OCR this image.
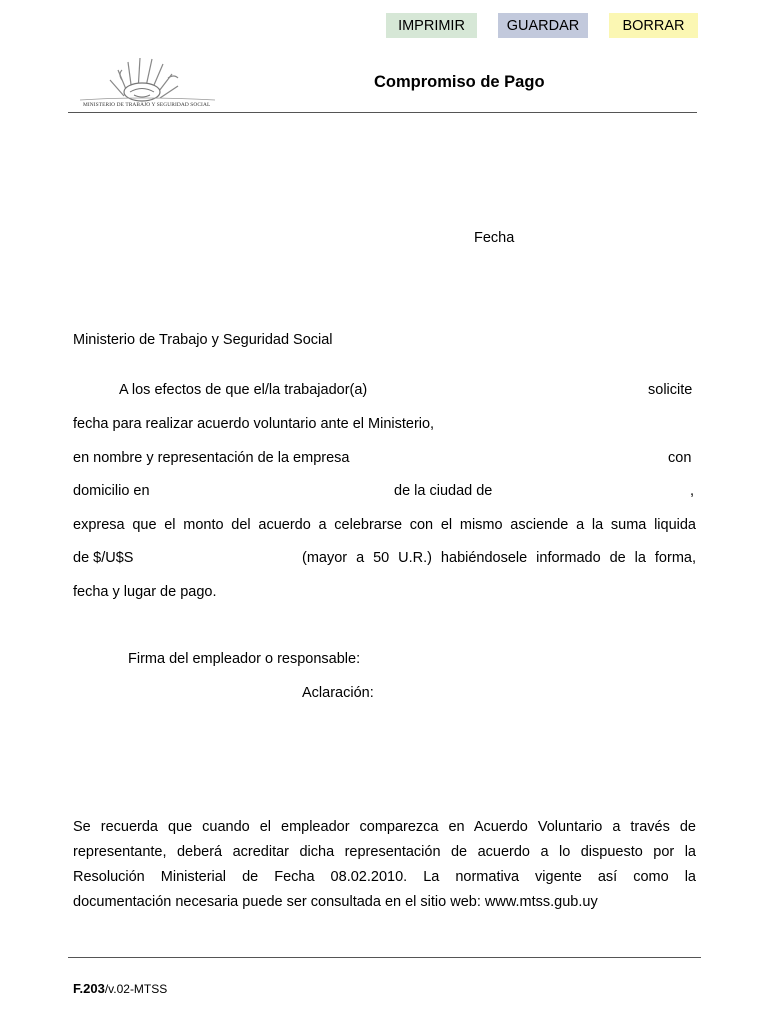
IMPRIMIR	GUARDAR	BORRAR
MINISTERIO DE TRABAJO Y SEGURIDAD SOCIAL
Compromiso de Pago
Fecha
Ministerio de Trabajo y Seguridad Social
A los efectos de que el/la trabajador(a)	solicite
fecha para realizar acuerdo voluntario ante el Ministerio,
en nombre y representación de la empresa	con
domicilio en	de la ciudad de	,
expresa que el monto del acuerdo a celebrarse con el mismo asciende a la suma liquida
de $/U$S	(mayor a 50 U.R.) habiéndosele informado de la forma,
fecha y lugar de pago.
Firma del empleador o responsable:
Aclaración:
Se recuerda que cuando el empleador comparezca en Acuerdo Voluntario a través de representante, deberá acreditar dicha representación de acuerdo a lo dispuesto por la Resolución Ministerial de Fecha 08.02.2010. La normativa vigente así como la
documentación necesaria puede ser consultada en el sitio web: www.mtss.gub.uy
F.203/v.02-MTSS
